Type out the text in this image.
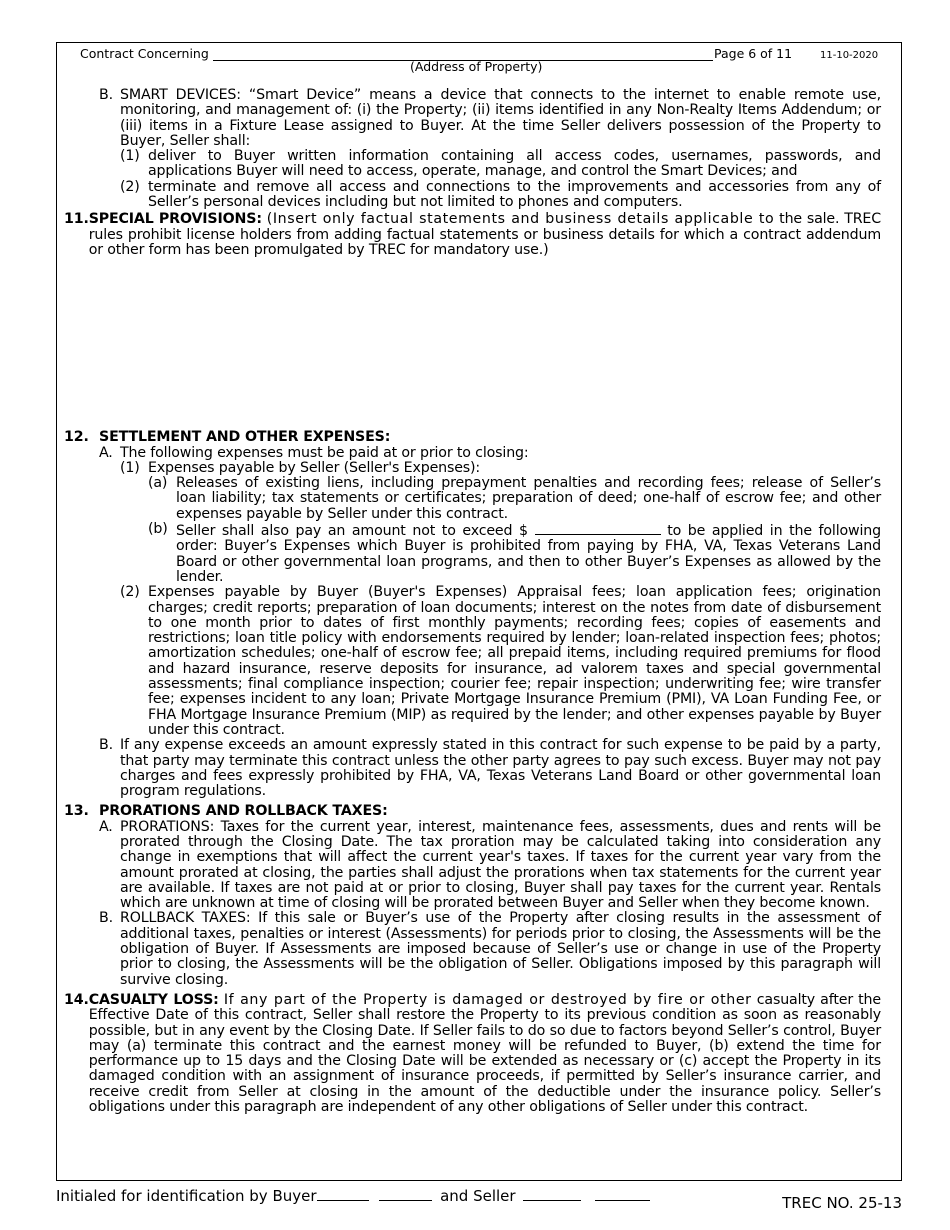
Contract Concerning	Page 6 of 11	11-10-2020
(Address of Property)
B. SMART DEVICES: “Smart Device” means a device that connects to the internet to enable remote use, monitoring, and management of: (i) the Property; (ii) items identified in any Non-Realty Items Addendum; or (iii) items in a Fixture Lease assigned to Buyer. At the time Seller delivers possession of the Property to Buyer, Seller shall:
(1) deliver to Buyer written information containing all access codes, usernames, passwords, and applications Buyer will need to access, operate, manage, and control the Smart Devices; and
(2) terminate and remove all access and connections to the improvements and accessories from any of Seller’s personal devices including but not limited to phones and computers.
11. SPECIAL PROVISIONS: (Insert only factual statements and business details applicable to the sale. TREC rules prohibit license holders from adding factual statements or business details for which a contract addendum or other form has been promulgated by TREC for mandatory use.)
12. SETTLEMENT AND OTHER EXPENSES:
A. The following expenses must be paid at or prior to closing:
(1) Expenses payable by Seller (Seller's Expenses):
(a) Releases of existing liens, including prepayment penalties and recording fees; release of Seller’s loan liability; tax statements or certificates; preparation of deed; one-half of escrow fee; and other expenses payable by Seller under this contract.
(b) Seller shall also pay an amount not to exceed $	to be applied in the following order: Buyer’s Expenses which Buyer is prohibited from paying by FHA, VA, Texas Veterans Land Board or other governmental loan programs, and then to other Buyer’s Expenses as allowed by the lender.
(2) Expenses payable by Buyer (Buyer's Expenses) Appraisal fees; loan application fees; origination charges; credit reports; preparation of loan documents; interest on the notes from date of disbursement to one month prior to dates of first monthly payments; recording fees; copies of easements and restrictions; loan title policy with endorsements required by lender; loan-related inspection fees; photos; amortization schedules; one-half of escrow fee; all prepaid items, including required premiums for flood and hazard insurance, reserve deposits for insurance, ad valorem taxes and special governmental assessments; final compliance inspection; courier fee; repair inspection; underwriting fee; wire transfer fee; expenses incident to any loan; Private Mortgage Insurance Premium (PMI), VA Loan Funding Fee, or FHA Mortgage Insurance Premium (MIP) as required by the lender; and other expenses payable by Buyer under this contract.
B. If any expense exceeds an amount expressly stated in this contract for such expense to be paid by a party, that party may terminate this contract unless the other party agrees to pay such excess. Buyer may not pay charges and fees expressly prohibited by FHA, VA, Texas Veterans Land Board or other governmental loan program regulations.
13. PRORATIONS AND ROLLBACK TAXES:
A. PRORATIONS: Taxes for the current year, interest, maintenance fees, assessments, dues and rents will be prorated through the Closing Date. The tax proration may be calculated taking into consideration any change in exemptions that will affect the current year's taxes. If taxes for the current year vary from the amount prorated at closing, the parties shall adjust the prorations when tax statements for the current year are available. If taxes are not paid at or prior to closing, Buyer shall pay taxes for the current year. Rentals which are unknown at time of closing will be prorated between Buyer and Seller when they become known.
B. ROLLBACK TAXES: If this sale or Buyer’s use of the Property after closing results in the assessment of additional taxes, penalties or interest (Assessments) for periods prior to closing, the Assessments will be the obligation of Buyer. If Assessments are imposed because of Seller’s use or change in use of the Property prior to closing, the Assessments will be the obligation of Seller. Obligations imposed by this paragraph will survive closing.
14. CASUALTY LOSS: If any part of the Property is damaged or destroyed by fire or other casualty after the Effective Date of this contract, Seller shall restore the Property to its previous condition as soon as reasonably possible, but in any event by the Closing Date. If Seller fails to do so due to factors beyond Seller’s control, Buyer may (a) terminate this contract and the earnest money will be refunded to Buyer, (b) extend the time for performance up to 15 days and the Closing Date will be extended as necessary or (c) accept the Property in its damaged condition with an assignment of insurance proceeds, if permitted by Seller’s insurance carrier, and receive credit from Seller at closing in the amount of the deductible under the insurance policy. Seller’s obligations under this paragraph are independent of any other obligations of Seller under this contract.
Initialed for identification by Buyer	and Seller	TREC NO. 25-13
